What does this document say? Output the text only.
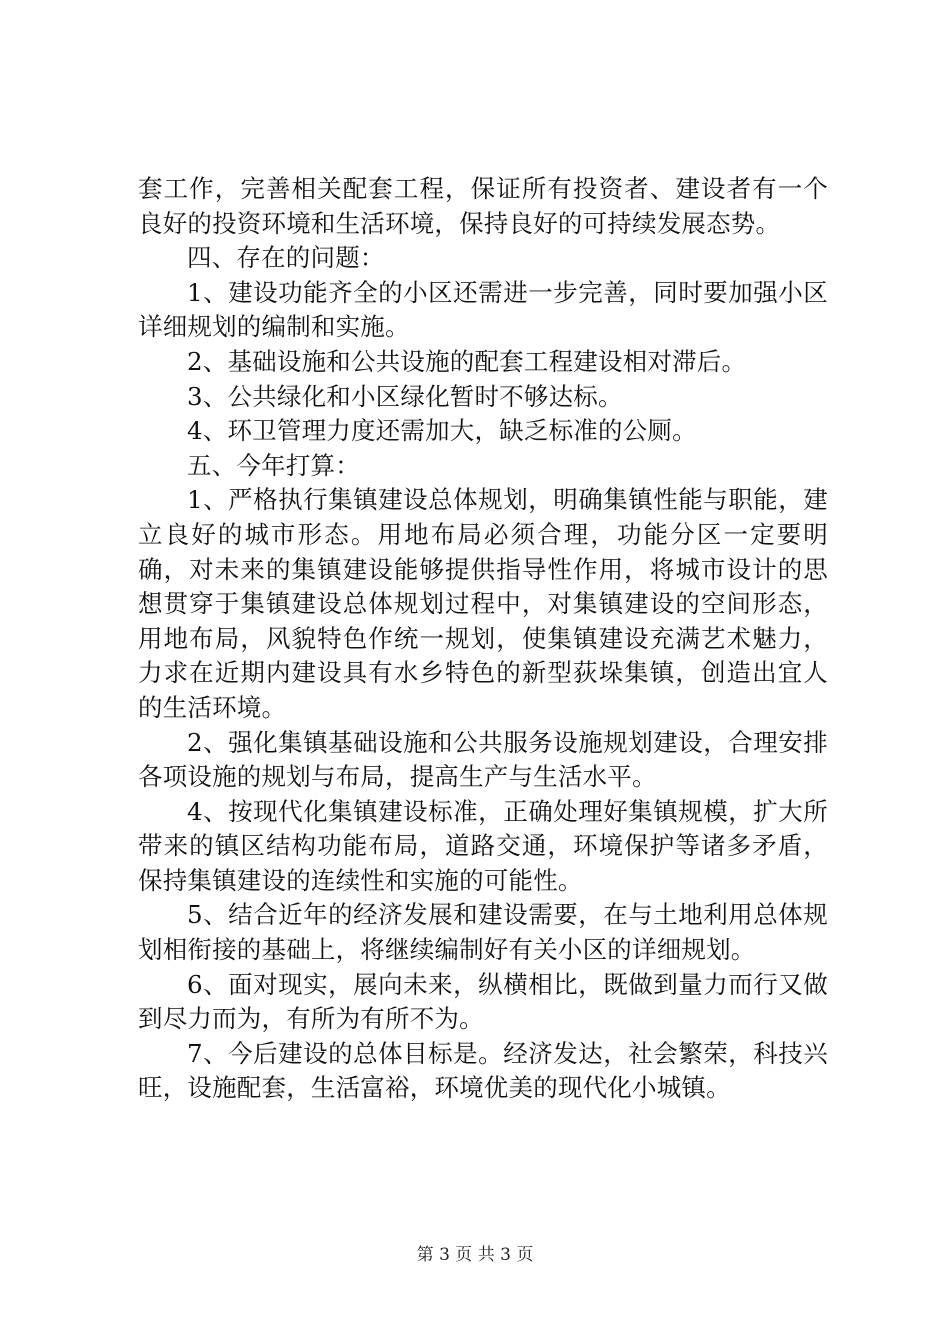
套工作，完善相关配套工程，保证所有投资者、建设者有一个良好的投资环境和生活环境，保持良好的可持续发展态势。

四、存在的问题：

1、建设功能齐全的小区还需进一步完善，同时要加强小区详细规划的编制和实施。

2、基础设施和公共设施的配套工程建设相对滞后。

3、公共绿化和小区绿化暂时不够达标。

4、环卫管理力度还需加大，缺乏标准的公厕。

五、今年打算：

1、严格执行集镇建设总体规划，明确集镇性能与职能，建立良好的城市形态。用地布局必须合理，功能分区一定要明确，对未来的集镇建设能够提供指导性作用，将城市设计的思想贯穿于集镇建设总体规划过程中，对集镇建设的空间形态，用地布局，风貌特色作统一规划，使集镇建设充满艺术魅力，力求在近期内建设具有水乡特色的新型荻垛集镇，创造出宜人的生活环境。

2、强化集镇基础设施和公共服务设施规划建设，合理安排各项设施的规划与布局，提高生产与生活水平。

4、按现代化集镇建设标准，正确处理好集镇规模，扩大所带来的镇区结构功能布局，道路交通，环境保护等诸多矛盾，保持集镇建设的连续性和实施的可能性。

5、结合近年的经济发展和建设需要，在与土地利用总体规划相衔接的基础上，将继续编制好有关小区的详细规划。

6、面对现实，展向未来，纵横相比，既做到量力而行又做到尽力而为，有所为有所不为。

7、今后建设的总体目标是。经济发达，社会繁荣，科技兴旺，设施配套，生活富裕，环境优美的现代化小城镇。

第 3 页 共 3 页
